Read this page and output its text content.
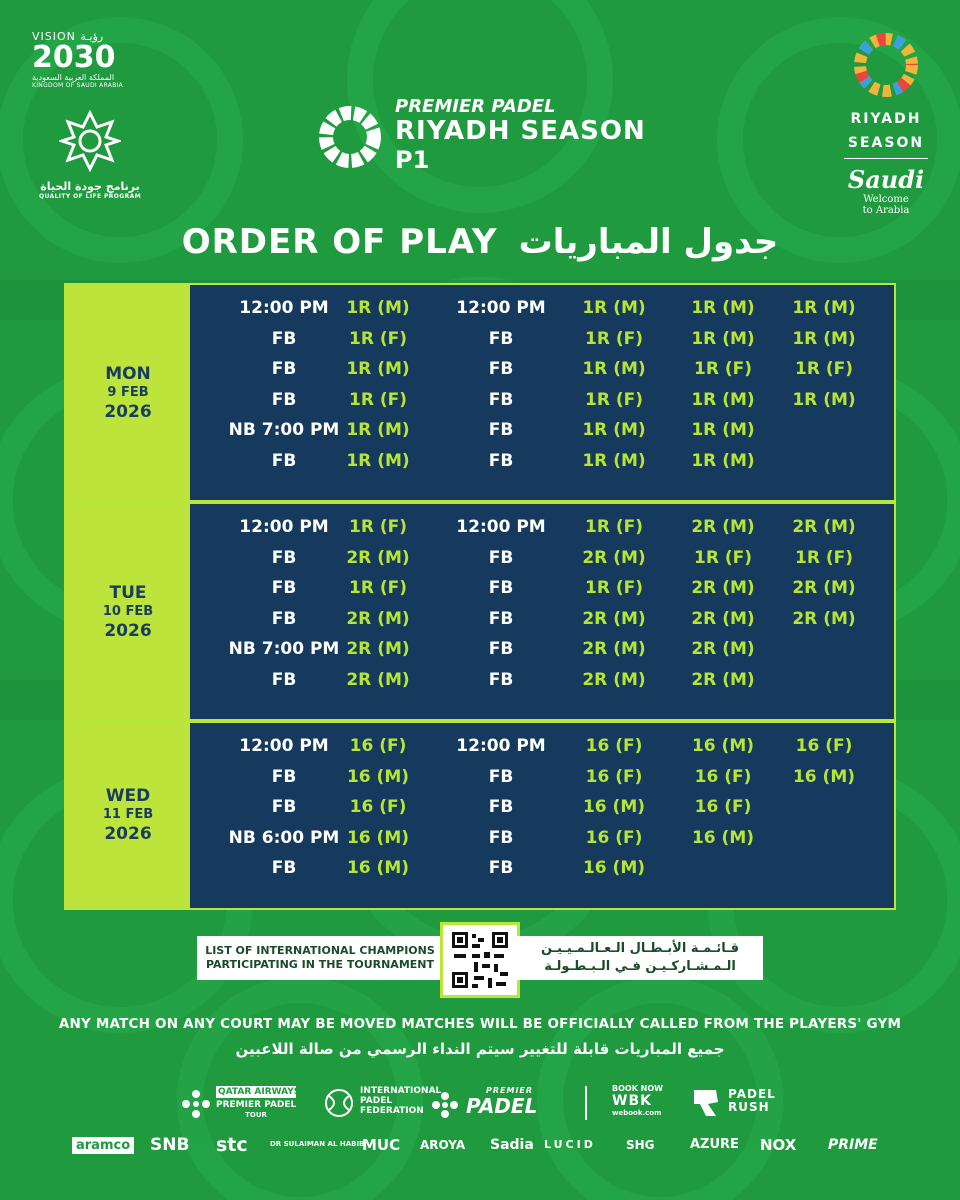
VISION رؤيـة
2030
المملكة العربية السعودية
KINGDOM OF SAUDI ARABIA
برنامج جودة الحياة
QUALITY OF LIFE PROGRAM
PREMIER PADEL
RIYADH SEASON
P1
RIYADH
SEASON
Saudi
Welcome
to Arabia
ORDER OF PLAY جدول المباريات
MON
9 FEB
2026
12:00 PM 1R (M)	12:00 PM 1R (M)	1R (M) 1R (M)
FB	1R (F)	FB	1R (F)	1R (M) 1R (M)
FB	1R (M)	FB	1R (M)	1R (F)	1R (F)
FB	1R (F)	FB	1R (F)	1R (M) 1R (M)
NB 7:00 PM 1R (M)	FB	1R (M)	1R (M)
FB	1R (M)	FB	1R (M)	1R (M)
TUE
10 FEB
2026
12:00 PM 1R (F)	12:00 PM 1R (F)	2R (M) 2R (M)
FB	2R (M)	FB	2R (M)	1R (F)	1R (F)
FB	1R (F)	FB	1R (F)	2R (M) 2R (M)
FB	2R (M)	FB	2R (M)	2R (M) 2R (M)
NB 7:00 PM 2R (M)	FB	2R (M)	2R (M)
FB	2R (M)	FB	2R (M)	2R (M)
WED
11 FEB
2026
12:00 PM 16 (F)	12:00 PM 16 (F)	16 (M) 16 (F)
FB	16 (M)	FB	16 (F)	16 (F) 16 (M)
FB	16 (F)	FB	16 (M)	16 (F)
NB 6:00 PM 16 (M)	FB	16 (F)	16 (M)
FB	16 (M)	FB	16 (M)
LIST OF INTERNATIONAL CHAMPIONS
PARTICIPATING IN THE TOURNAMENT
قـائـمـة الأبـطـال الـعـالـمـيـيـن
الـمـشـاركـيـن فـي الـبـطـولـة
ANY MATCH ON ANY COURT MAY BE MOVED MATCHES WILL BE OFFICIALLY CALLED FROM THE PLAYERS' GYM
جميع المباريات قابلة للتغيير سيتم النداء الرسمي من صالة اللاعبين
QATAR AIRWAYS
PREMIER PADEL
TOUR
INTERNATIONAL
PADEL
FEDERATION
PREMIER
PADEL
BOOK NOW
WBK
webook.com
PADEL
RUSH
aramco SNB stc	DR SULAIMAN AL HABIB
MUC AROYA Sadia LUCID	SHG	AZURE NOX PRIME
